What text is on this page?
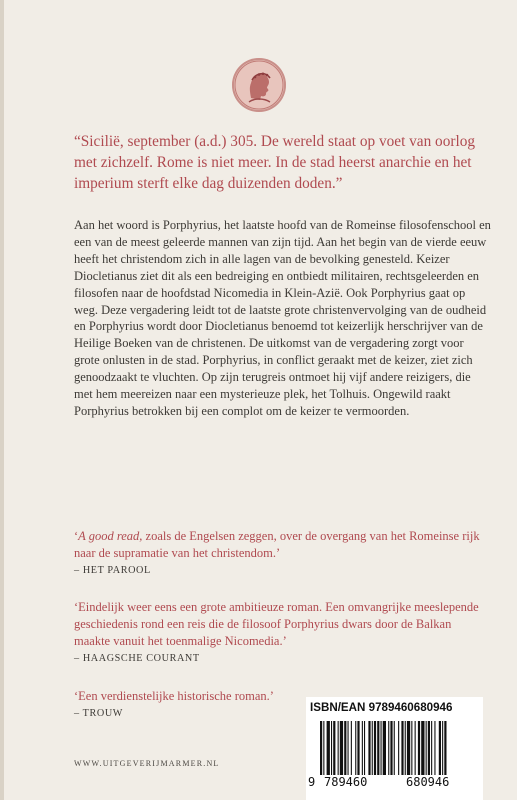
“Sicilië, september (a.d.) 305. De wereld staat op voet van oorlog met zichzelf. Rome is niet meer. In de stad heerst anarchie en het imperium sterft elke dag duizenden doden.”

Aan het woord is Porphyrius, het laatste hoofd van de Romeinse filosofenschool en een van de meest geleerde mannen van zijn tijd. Aan het begin van de vierde eeuw heeft het christendom zich in alle lagen van de bevolking genesteld. Keizer Diocletianus ziet dit als een bedreiging en ontbiedt militairen, rechtsgeleerden en filosofen naar de hoofdstad Nicomedia in Klein-Azië. Ook Porphyrius gaat op weg. Deze vergadering leidt tot de laatste grote christenvervolging van de oudheid en Porphyrius wordt door Diocletianus benoemd tot keizerlijk herschrijver van de Heilige Boeken van de christenen. De uitkomst van de vergadering zorgt voor grote onlusten in de stad. Porphyrius, in conflict geraakt met de keizer, ziet zich genoodzaakt te vluchten. Op zijn terugreis ontmoet hij vijf andere reizigers, die met hem meereizen naar een mysterieuze plek, het Tolhuis. Ongewild raakt Porphyrius betrokken bij een complot om de keizer te vermoorden.

‘A good read, zoals de Engelsen zeggen, over de overgang van het Romeinse rijk naar de supramatie van het christendom.’

– HET PAROOL

‘Eindelijk weer eens een grote ambitieuze roman. Een omvangrijke meeslepende geschiedenis rond een reis die de filosoof Porphyrius dwars door de Balkan maakte vanuit het toenmalige Nicomedia.’

– HAAGSCHE COURANT

‘Een verdienstelijke historische roman.’

– TROUW
WWW.UITGEVERIJMARMER.NL
ISBN/EAN 9789460680946
9 789460	680946
